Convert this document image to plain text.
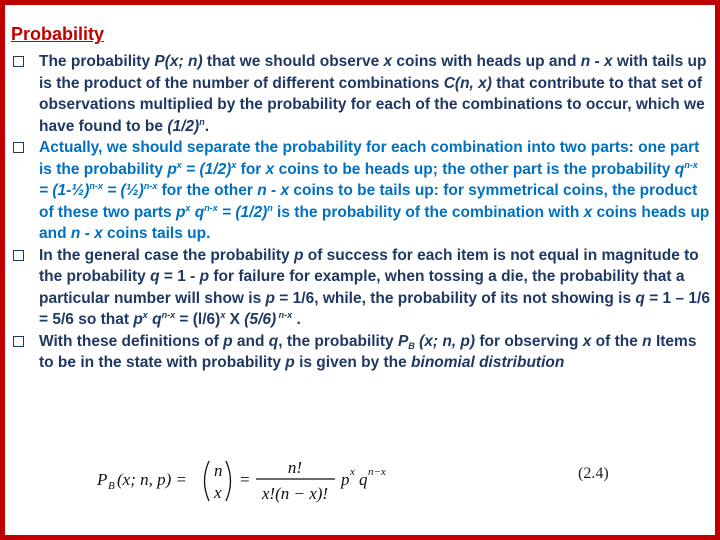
Probability
The probability P(x; n) that we should observe x coins with heads up and n - x with tails up is the product of the number of different combinations C(n, x) that contribute to that set of observations multiplied by the probability for each of the combinations to occur, which we have found to be $(1/2)^n$.
Actually, we should separate the probability for each combination into two parts: one part is the probability $p^x = (1/2)^x$ for x coins to be heads up; the other part is the probability $q^{n-x}$ = (1-½)$^{n-x}$ = (½)$^{n-x}$ for the other n - x coins to be tails up: for symmetrical coins, the product of these two parts $p^x$ $q^{n-x} = (1/2)^n$ is the probability of the combination with x coins heads up and n - x coins tails up.
In the general case the probability p of success for each item is not equal in magnitude to the probability q = 1 - p for failure for example, when tossing a die, the probability that a particular number will show is p = 1/6, while, the probability of its not showing is q = 1 – 1/6 = 5/6 so that $p^x$ $q^{n-x} = (l/6)^x$ X (5/6) $^{n-x}$ .
With these definitions of p and q, the probability $P_B$ (x; n, p) for observing x of the n Items to be in the state with probability p is given by the binomial distribution
P B (x; n, p) = n
x
=
n!
x!(n − x)!
p x q n−x	(2.4)
